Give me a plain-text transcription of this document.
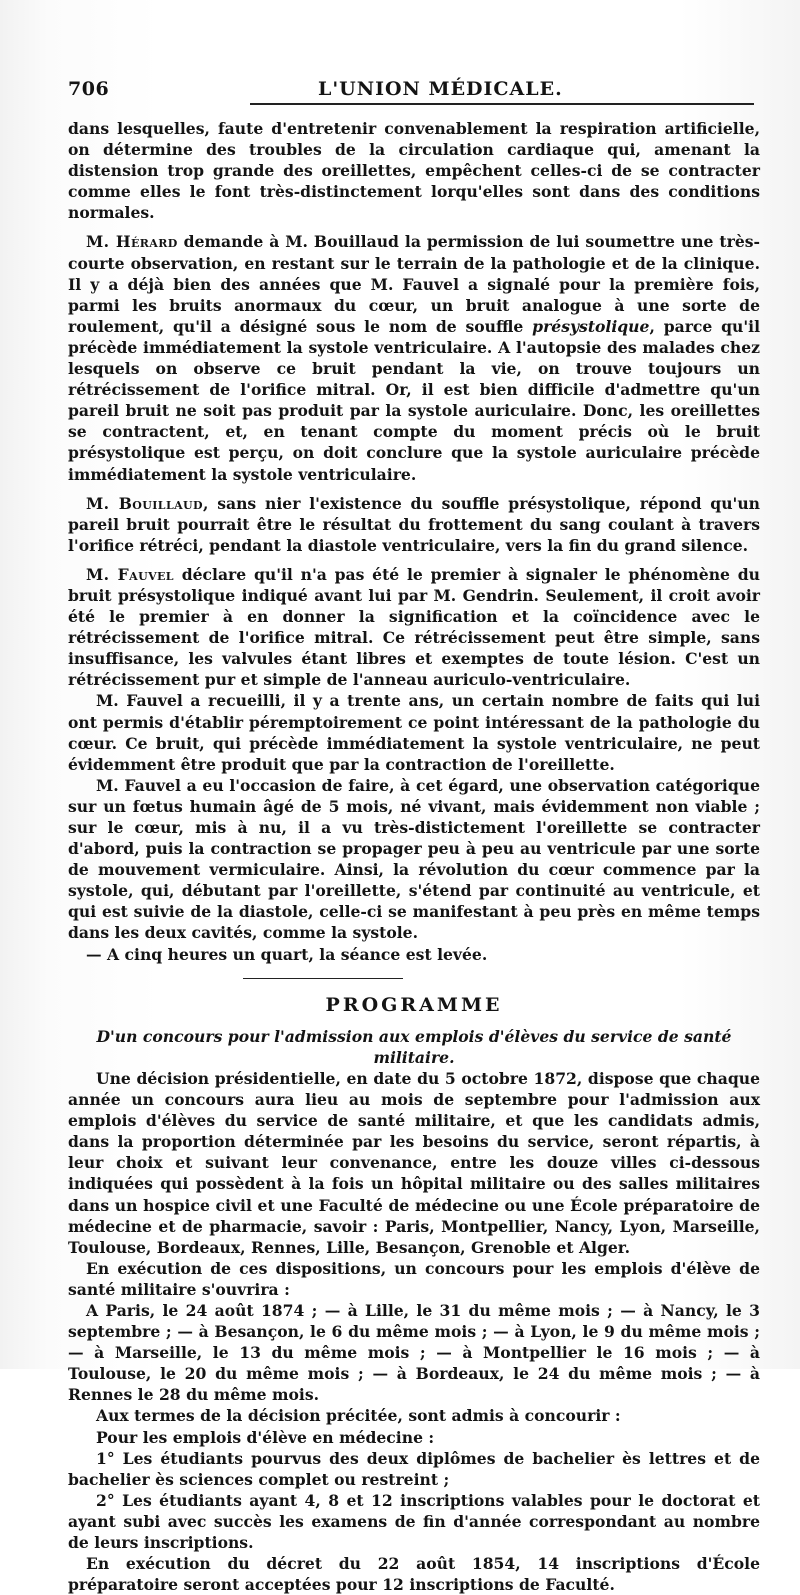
706	L'UNION MÉDICALE.

dans lesquelles, faute d'entretenir convenablement la respiration artificielle, on détermine des troubles de la circulation cardiaque qui, amenant la distension trop grande des oreillettes, empêchent celles-ci de se contracter comme elles le font très-distinctement lorqu'elles sont dans des conditions normales.

M. Hérard demande à M. Bouillaud la permission de lui soumettre une très-courte observation, en restant sur le terrain de la pathologie et de la clinique. Il y a déjà bien des années que M. Fauvel a signalé pour la première fois, parmi les bruits anormaux du cœur, un bruit analogue à une sorte de roulement, qu'il a désigné sous le nom de souffle présystolique, parce qu'il précède immédiatement la systole ventriculaire. A l'autopsie des malades chez lesquels on observe ce bruit pendant la vie, on trouve toujours un rétrécissement de l'orifice mitral. Or, il est bien difficile d'admettre qu'un pareil bruit ne soit pas produit par la systole auriculaire. Donc, les oreillettes se contractent, et, en tenant compte du moment précis où le bruit présystolique est perçu, on doit conclure que la systole auriculaire précède immédiatement la systole ventriculaire.

M. Bouillaud, sans nier l'existence du souffle présystolique, répond qu'un pareil bruit pourrait être le résultat du frottement du sang coulant à travers l'orifice rétréci, pendant la diastole ventriculaire, vers la fin du grand silence.

M. Fauvel déclare qu'il n'a pas été le premier à signaler le phénomène du bruit présystolique indiqué avant lui par M. Gendrin. Seulement, il croit avoir été le premier à en donner la signification et la coïncidence avec le rétrécissement de l'orifice mitral. Ce rétrécissement peut être simple, sans insuffisance, les valvules étant libres et exemptes de toute lésion. C'est un rétrécissement pur et simple de l'anneau auriculo-ventriculaire.

M. Fauvel a recueilli, il y a trente ans, un certain nombre de faits qui lui ont permis d'établir péremptoirement ce point intéressant de la pathologie du cœur. Ce bruit, qui précède immédiatement la systole ventriculaire, ne peut évidemment être produit que par la contraction de l'oreillette.

M. Fauvel a eu l'occasion de faire, à cet égard, une observation catégorique sur un fœtus humain âgé de 5 mois, né vivant, mais évidemment non viable ; sur le cœur, mis à nu, il a vu très-distictement l'oreillette se contracter d'abord, puis la contraction se propager peu à peu au ventricule par une sorte de mouvement vermiculaire. Ainsi, la révolution du cœur commence par la systole, qui, débutant par l'oreillette, s'étend par continuité au ventricule, et qui est suivie de la diastole, celle-ci se manifestant à peu près en même temps dans les deux cavités, comme la systole.

— A cinq heures un quart, la séance est levée.

PROGRAMME

D'un concours pour l'admission aux emplois d'élèves du service de santé militaire.

Une décision présidentielle, en date du 5 octobre 1872, dispose que chaque année un concours aura lieu au mois de septembre pour l'admission aux emplois d'élèves du service de santé militaire, et que les candidats admis, dans la proportion déterminée par les besoins du service, seront répartis, à leur choix et suivant leur convenance, entre les douze villes ci-dessous indiquées qui possèdent à la fois un hôpital militaire ou des salles militaires dans un hospice civil et une Faculté de médecine ou une École préparatoire de médecine et de pharmacie, savoir : Paris, Montpellier, Nancy, Lyon, Marseille, Toulouse, Bordeaux, Rennes, Lille, Besançon, Grenoble et Alger.

En exécution de ces dispositions, un concours pour les emplois d'élève de santé militaire s'ouvrira :

A Paris, le 24 août 1874 ; — à Lille, le 31 du même mois ; — à Nancy, le 3 septembre ; — à Besançon, le 6 du même mois ; — à Lyon, le 9 du même mois ; — à Marseille, le 13 du même mois ; — à Montpellier le 16 mois ; — à Toulouse, le 20 du même mois ; — à Bordeaux, le 24 du même mois ; — à Rennes le 28 du même mois.

Aux termes de la décision précitée, sont admis à concourir :

Pour les emplois d'élève en médecine :

1° Les étudiants pourvus des deux diplômes de bachelier ès lettres et de bachelier ès sciences complet ou restreint ;

2° Les étudiants ayant 4, 8 et 12 inscriptions valables pour le doctorat et ayant subi avec succès les examens de fin d'année correspondant au nombre de leurs inscriptions.

En exécution du décret du 22 août 1854, 14 inscriptions d'École préparatoire seront acceptées pour 12 inscriptions de Faculté.
